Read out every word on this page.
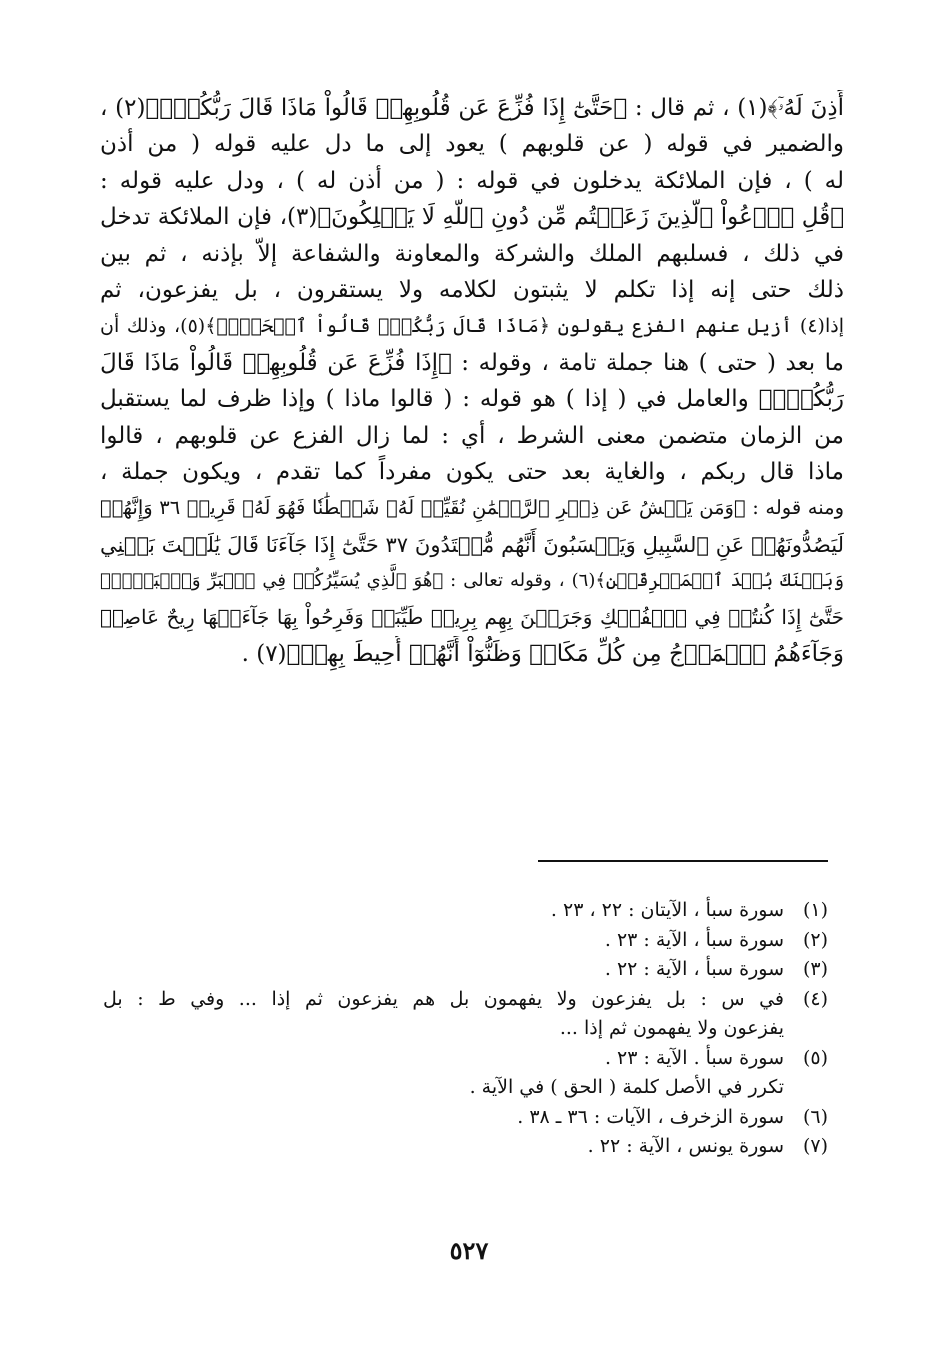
أَذِنَ لَهُۥٓ﴾(١) ، ثم قال : ﴿حَتَّىٰٓ إِذَا فُزِّعَ عَن قُلُوبِهِمۡ قَالُواْ مَاذَا قَالَ رَبُّكُمۡۖ﴾(٢) ،
والضمير في قوله ( عن قلوبهم ) يعود إلى ما دل عليه قوله ( من أذن
له ) ، فإن الملائكة يدخلون في قوله : ( من أذن له ) ، ودل عليه قوله :
﴿قُلِ ٱدۡعُواْ ٱلَّذِينَ زَعَمۡتُم مِّن دُونِ ٱللَّهِ لَا يَمۡلِكُونَ﴾(٣)، فإن الملائكة تدخل
في ذلك ، فسلبهم الملك والشركة والمعاونة والشفاعة إلاّ بإذنه ، ثم بين
ذلك حتى إنه إذا تكلم لا يثبتون لكلامه ولا يستقرون ، بل يفزعون، ثم
إذا(٤) أزيل عنهم الفزع يقولون ﴿مَاذَا قَالَ رَبُّكُمۡۖ قَالُواْ ٱلۡحَقَّۖ﴾(٥)، وذلك أن
ما بعد ( حتى ) هنا جملة تامة ، وقوله : ﴿إِذَا فُزِّعَ عَن قُلُوبِهِمۡ قَالُواْ مَاذَا قَالَ
رَبُّكُمۡۖ﴾ والعامل في ( إذا ) هو قوله : ( قالوا ماذا ) وإذا ظرف لما يستقبل
من الزمان متضمن معنى الشرط ، أي : لما زال الفزع عن قلوبهم ، قالوا
ماذا قال ربكم ، والغاية بعد حتى يكون مفرداً كما تقدم ، ويكون جملة ،
ومنه قوله : ﴿وَمَن يَعۡشُ عَن ذِكۡرِ ٱلرَّحۡمَٰنِ نُقَيِّضۡ لَهُۥ شَيۡطَٰنٗا فَهُوَ لَهُۥ قَرِينٞ ٣٦ وَإِنَّهُمۡ
لَيَصُدُّونَهُمۡ عَنِ ٱلسَّبِيلِ وَيَحۡسَبُونَ أَنَّهُم مُّهۡتَدُونَ ٣٧ حَتَّىٰٓ إِذَا جَآءَنَا قَالَ يَٰلَيۡتَ بَيۡنِي
وَبَيۡنَكَ بُعۡدَ ٱلۡمَشۡرِقَيۡنِ﴾(٦) ، وقوله تعالى : ﴿هُوَ ٱلَّذِي يُسَيِّرُكُمۡ فِي ٱلۡبَرِّ وَٱلۡبَحۡرِۖ
حَتَّىٰٓ إِذَا كُنتُمۡ فِي ٱلۡفُلۡكِ وَجَرَيۡنَ بِهِم بِرِيحٖ طَيِّبَةٖ وَفَرِحُواْ بِهَا جَآءَتۡهَا رِيحٌ عَاصِفٞ
وَجَآءَهُمُ ٱلۡمَوۡجُ مِن كُلِّ مَكَانٖ وَظَنُّوٓاْ أَنَّهُمۡ أُحِيطَ بِهِمۡ﴾(٧) .
(١)
سورة سبأ ، الآيتان : ٢٢ ، ٢٣ .
(٢)
سورة سبأ ، الآية : ٢٣ .
(٣)
سورة سبأ ، الآية : ٢٢ .
(٤)
في س : بل يفزعون ولا يفهمون بل هم يفزعون ثم إذا ... وفي ط : بل
يفزعون ولا يفهمون ثم إذا ...
(٥)
سورة سبأ . الآية : ٢٣ .
تكرر في الأصل كلمة ( الحق ) في الآية .
(٦)
سورة الزخرف ، الآيات : ٣٦ ـ ٣٨ .
(٧)
سورة يونس ، الآية : ٢٢ .
٥٢٧
